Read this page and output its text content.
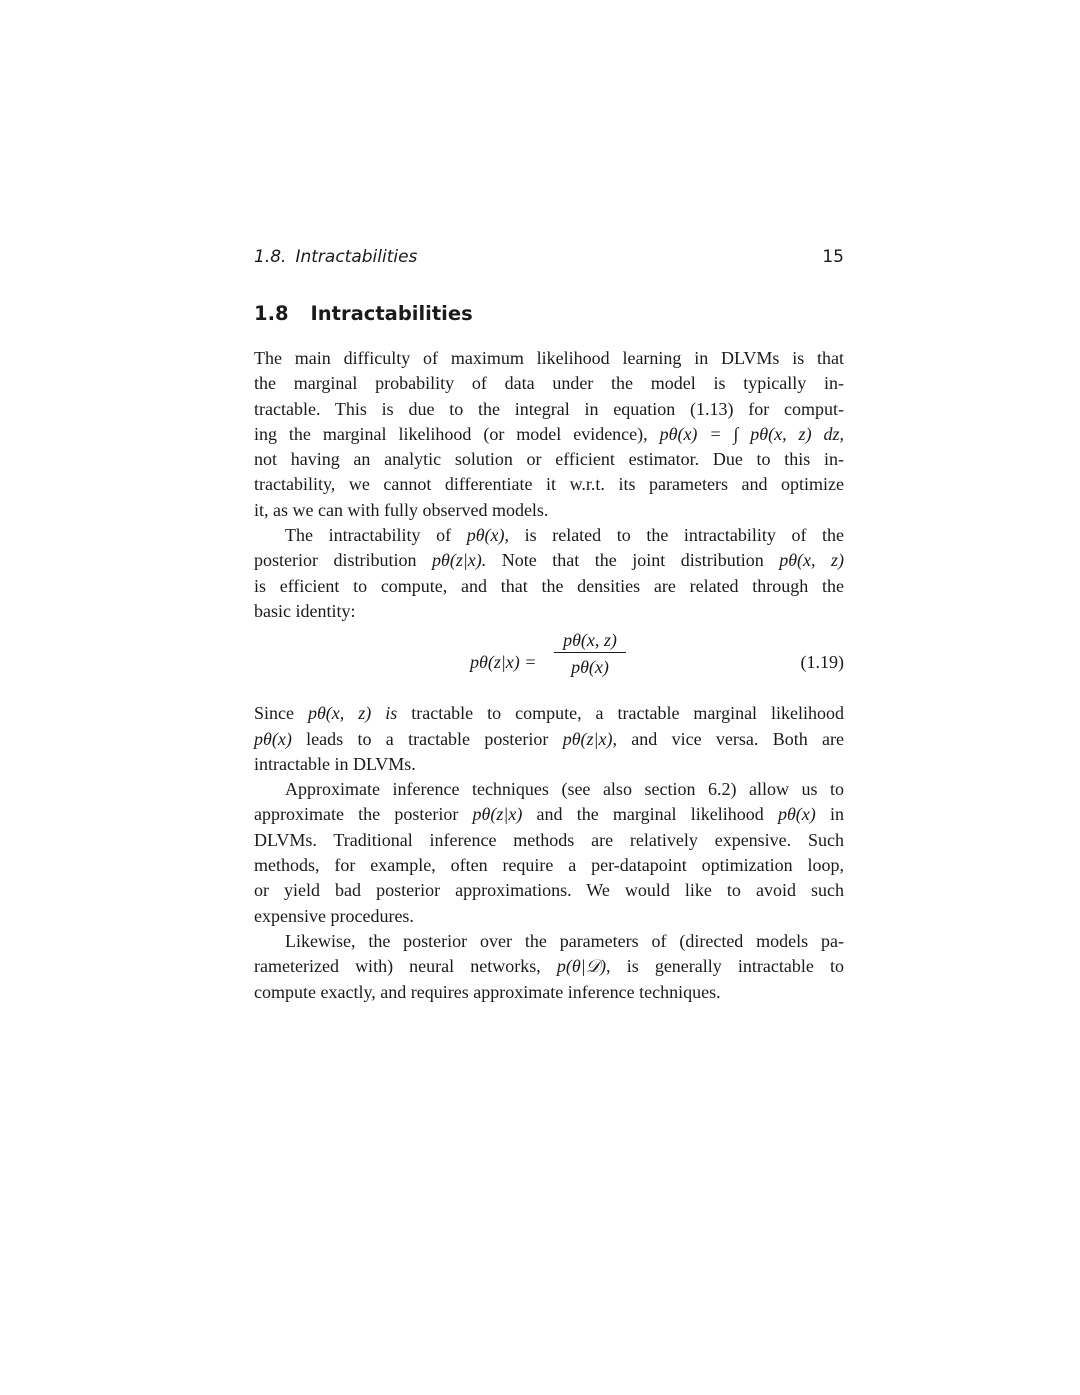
1.8. Intractabilities	15
1.8 Intractabilities
The main difficulty of maximum likelihood learning in DLVMs is that
the marginal probability of data under the model is typically in-
tractable. This is due to the integral in equation (1.13) for comput-
ing the marginal likelihood (or model evidence), pθ(x) = ∫ pθ(x, z) dz,
not having an analytic solution or efficient estimator. Due to this in-
tractability, we cannot differentiate it w.r.t. its parameters and optimize
it, as we can with fully observed models.
The intractability of pθ(x), is related to the intractability of the
posterior distribution pθ(z|x). Note that the joint distribution pθ(x, z)
is efficient to compute, and that the densities are related through the
basic identity:
pθ(z|x) =
pθ(x, z)
pθ(x)	(1.19)
Since pθ(x, z) is tractable to compute, a tractable marginal likelihood
pθ(x) leads to a tractable posterior pθ(z|x), and vice versa. Both are
intractable in DLVMs.
Approximate inference techniques (see also section 6.2) allow us to
approximate the posterior pθ(z|x) and the marginal likelihood pθ(x) in
DLVMs. Traditional inference methods are relatively expensive. Such
methods, for example, often require a per-datapoint optimization loop,
or yield bad posterior approximations. We would like to avoid such
expensive procedures.
Likewise, the posterior over the parameters of (directed models pa-
rameterized with) neural networks, p(θ|𝒟), is generally intractable to
compute exactly, and requires approximate inference techniques.
